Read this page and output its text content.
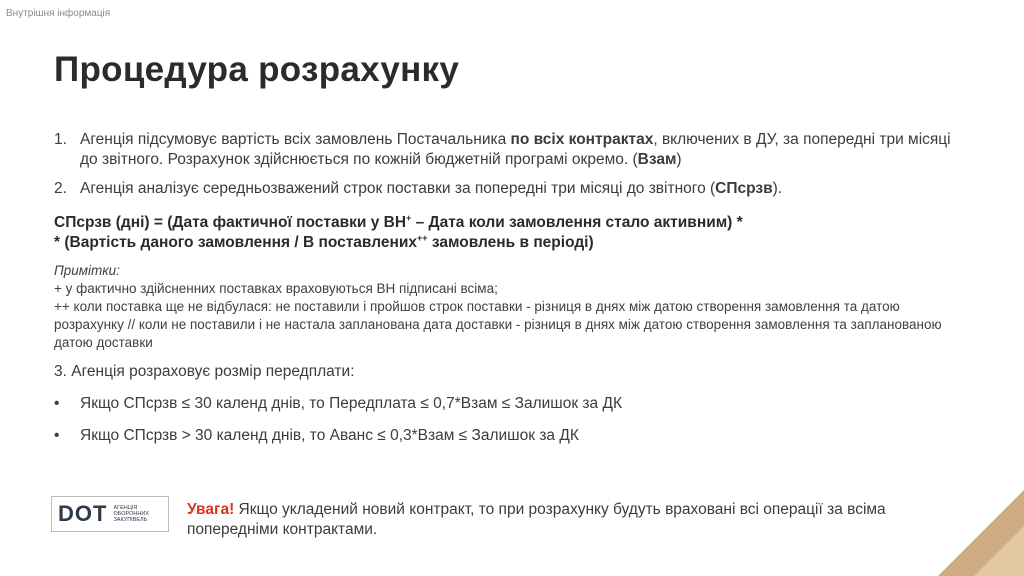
Внутрішня інформація
Процедура розрахунку
1. Агенція підсумовує вартість всіх замовлень Постачальника по всіх контрактах, включених в ДУ, за попередні три місяці до звітного. Розрахунок здійснюється по кожній бюджетній програмі окремо. (Взам)
2. Агенція аналізує середньозважений строк поставки за попередні три місяці до звітного (СПсрзв).
СПсрзв (дні) = (Дата фактичної поставки у ВН+ – Дата коли замовлення стало активним) *
* (Вартість даного замовлення / В поставлених++ замовлень в періоді)
Примітки:
+ у фактично здійсненних поставках враховуються ВН підписані всіма;
++ коли поставка ще не відбулася: не поставили і пройшов строк поставки - різниця в днях між датою створення замовлення та датою розрахунку // коли не поставили і не настала запланована дата доставки - різниця в днях між датою створення замовлення та запланованою датою доставки
3. Агенція розраховує розмір передплати:
• Якщо СПсрзв ≤ 30 календ днів, то Передплата ≤ 0,7*Взам ≤ Залишок за ДК
• Якщо СПсрзв > 30 календ днів, то Аванс ≤ 0,3*Взам ≤ Залишок за ДК
DOT АГЕНЦІЯ ОБОРОННИХ ЗАКУПІВЕЛЬ
Увага! Якщо укладений новий контракт, то при розрахунку будуть враховані всі операції за всіма попередніми контрактами.
